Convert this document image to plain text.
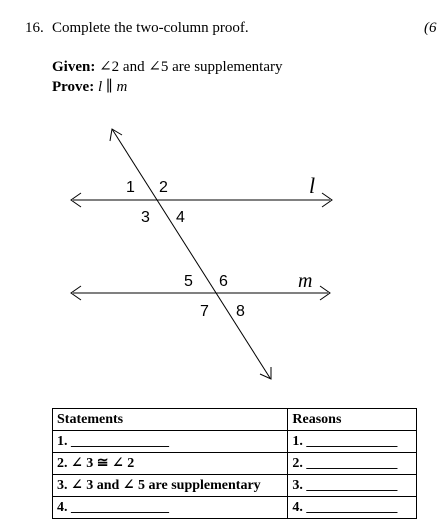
16. Complete the two-column proof.	(6
Given: ∠2 and ∠5 are supplementary
Prove: l ∥ m
1 2
3 4
5 6
7 8
l
m
Statements	Reasons
1. ______________	1. _____________
2. ∠ 3 ≅ ∠ 2	2. _____________
3. ∠ 3 and ∠ 5 are supplementary	3. _____________
4. ______________	4. _____________
